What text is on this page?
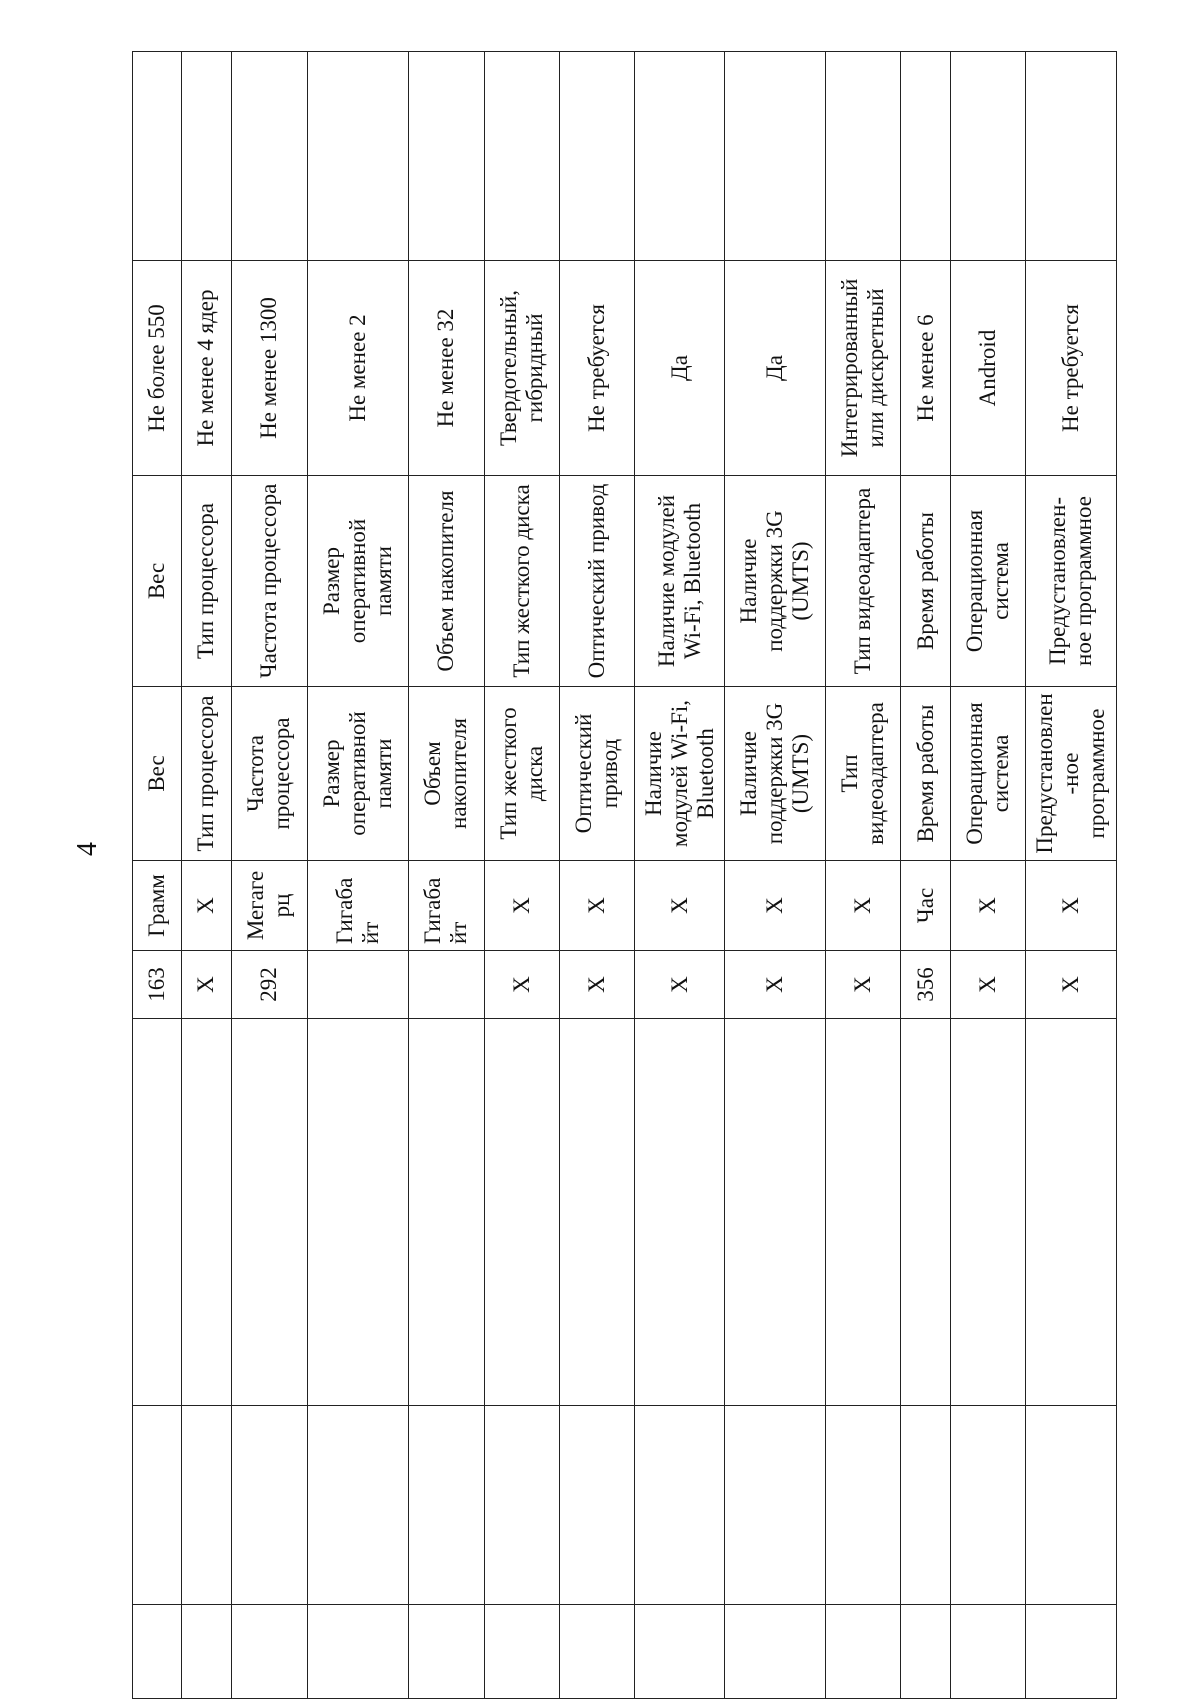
4
			163	Грамм	Вес	Вес	Не более 550	
			X	X	Тип процессора	Тип процессора	Не менее 4 ядер	
			292	Мегагерц	Частота процессора	Частота процессора	Не менее 1300	
				Гигабайт	Размер оперативной памяти	Размер оперативной памяти	Не менее 2	
				Гигабайт	Объем накопителя	Объем накопителя	Не менее 32	
			X	X	Тип жесткого диска	Тип жесткого диска	Твердотельный, гибридный	
			X	X	Оптический привод	Оптический привод	Не требуется	
			X	X	Наличие модулей Wi-Fi, Bluetooth	Наличие модулей Wi-Fi, Bluetooth	Да	
			X	X	Наличие поддержки 3G (UMTS)	Наличие поддержки 3G (UMTS)	Да	
			X	X	Тип видеоадаптера	Тип видеоадаптера	Интегрированный или дискретный	
			356	Час	Время работы	Время работы	Не менее 6	
			X	X	Операционная система	Операционная система	Android	
			X	X	Предустановлен-ное программное	Предустановлен-ное программное	Не требуется	
